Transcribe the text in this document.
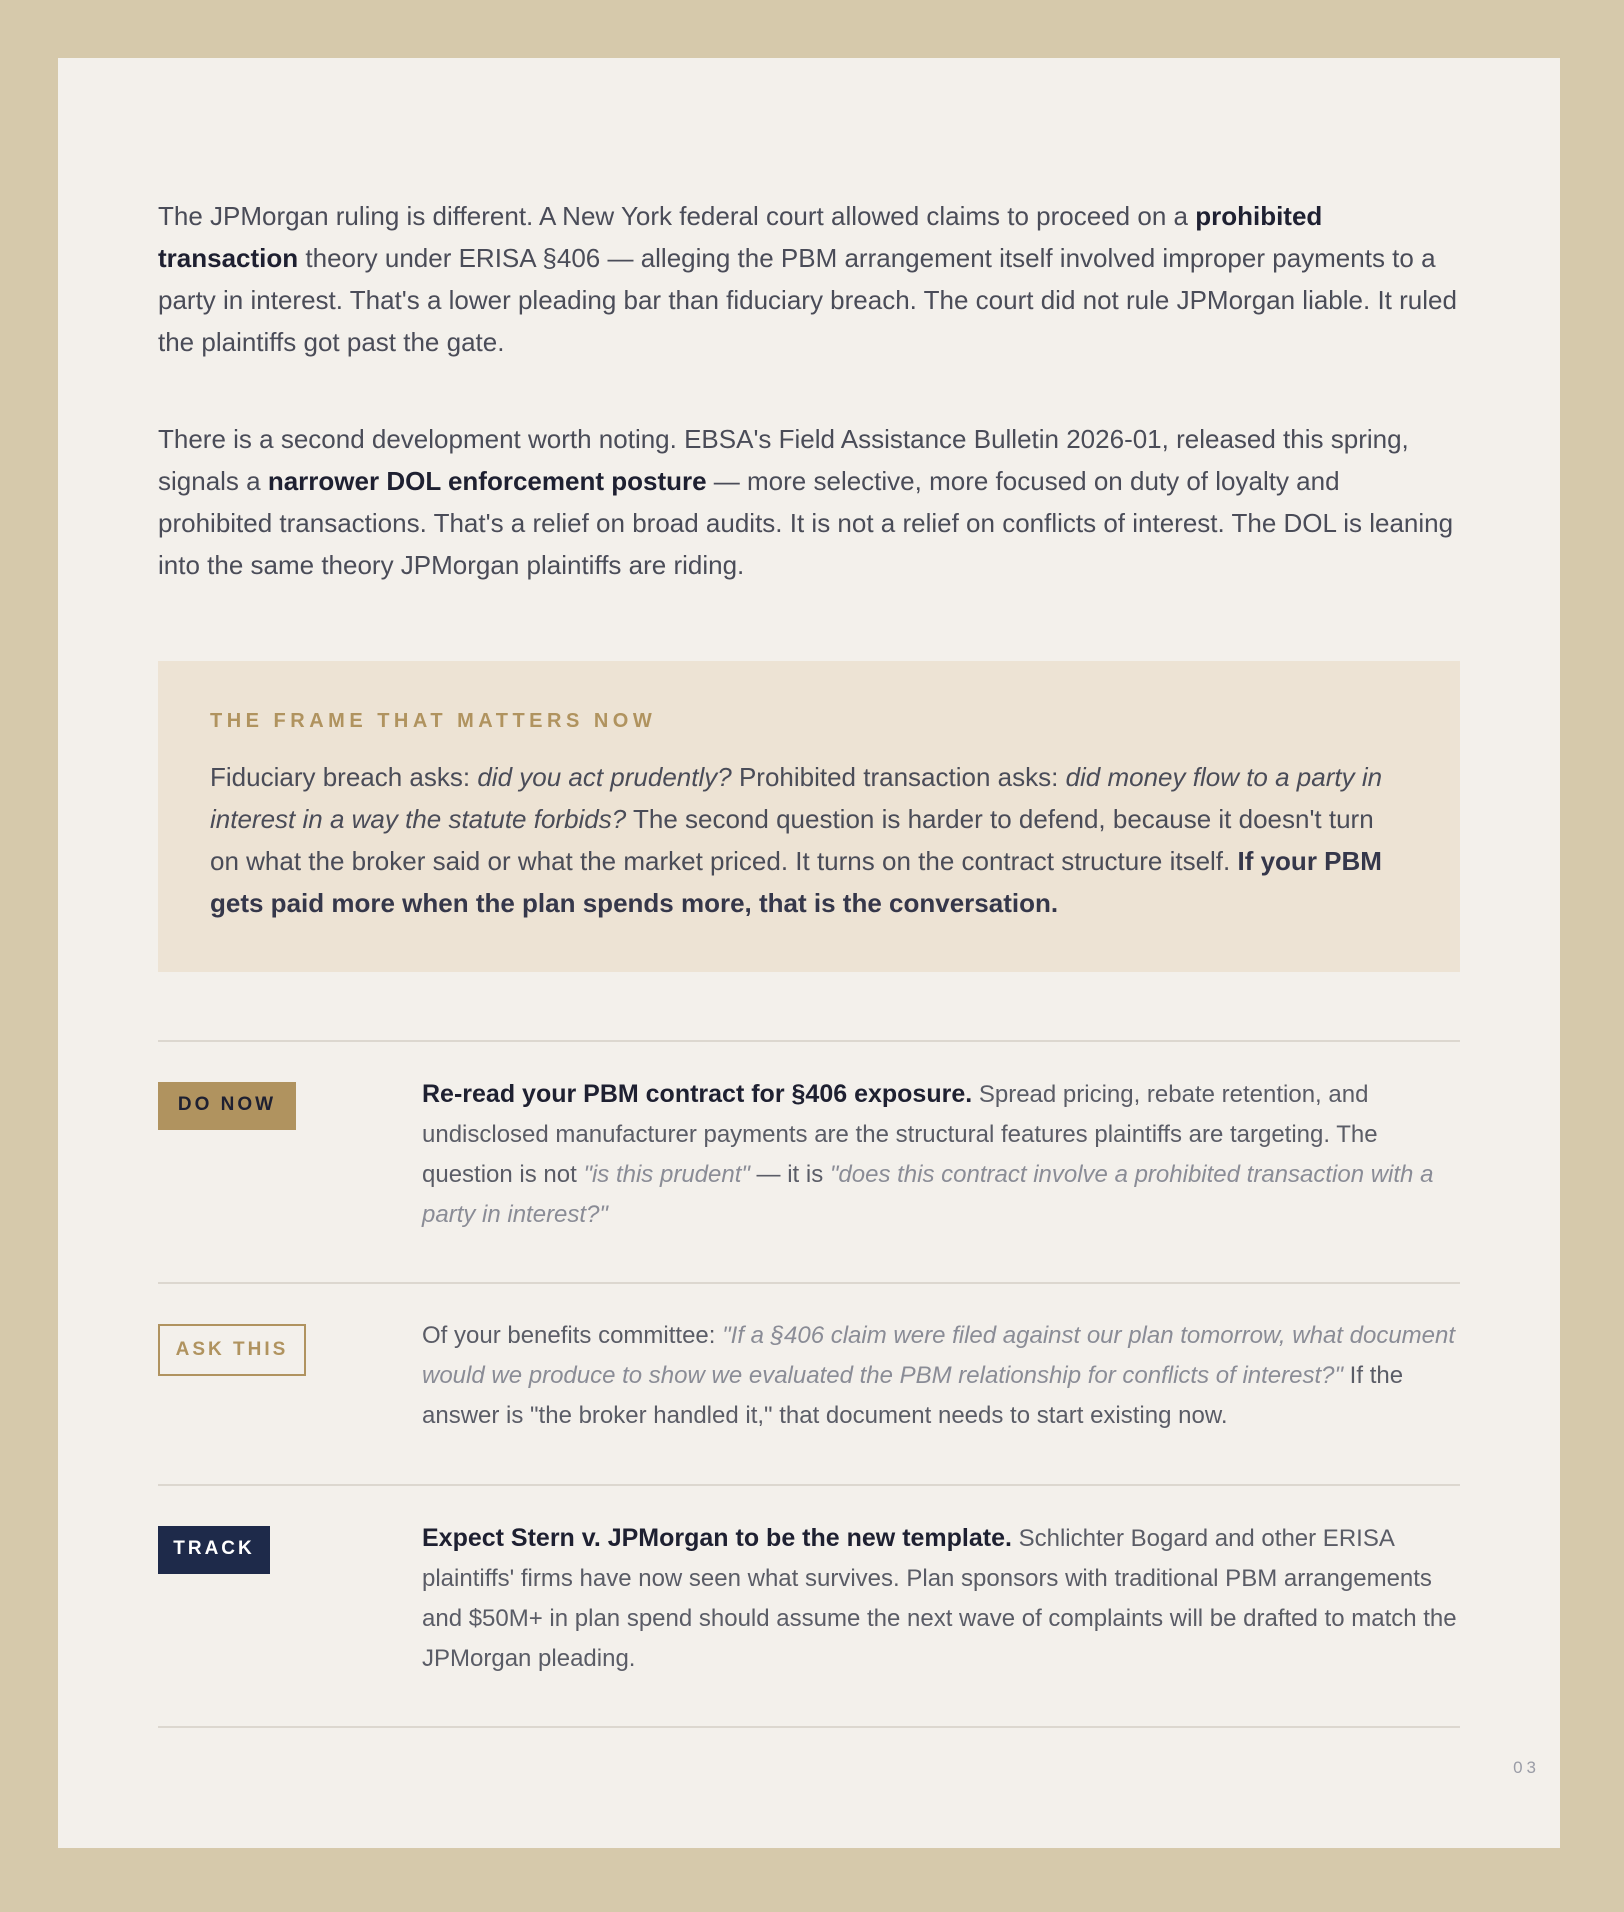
The JPMorgan ruling is different. A New York federal court allowed claims to proceed on a prohibited transaction theory under ERISA §406 — alleging the PBM arrangement itself involved improper payments to a party in interest. That's a lower pleading bar than fiduciary breach. The court did not rule JPMorgan liable. It ruled the plaintiffs got past the gate.

There is a second development worth noting. EBSA's Field Assistance Bulletin 2026-01, released this spring, signals a narrower DOL enforcement posture — more selective, more focused on duty of loyalty and prohibited transactions. That's a relief on broad audits. It is not a relief on conflicts of interest. The DOL is leaning into the same theory JPMorgan plaintiffs are riding.

THE FRAME THAT MATTERS NOW

Fiduciary breach asks: did you act prudently? Prohibited transaction asks: did money flow to a party in interest in a way the statute forbids? The second question is harder to defend, because it doesn't turn on what the broker said or what the market priced. It turns on the contract structure itself. If your PBM gets paid more when the plan spends more, that is the conversation.

DO NOW	Re-read your PBM contract for §406 exposure. Spread pricing, rebate retention, and undisclosed manufacturer payments are the structural features plaintiffs are targeting. The question is not "is this prudent" — it is "does this contract involve a prohibited transaction with a party in interest?"

ASK THIS

Of your benefits committee: "If a §406 claim were filed against our plan tomorrow, what document would we produce to show we evaluated the PBM relationship for conflicts of interest?" If the answer is "the broker handled it," that document needs to start existing now.

TRACK	Expect Stern v. JPMorgan to be the new template. Schlichter Bogard and other ERISA plaintiffs' firms have now seen what survives. Plan sponsors with traditional PBM arrangements and $50M+ in plan spend should assume the next wave of complaints will be drafted to match the JPMorgan pleading.

03
